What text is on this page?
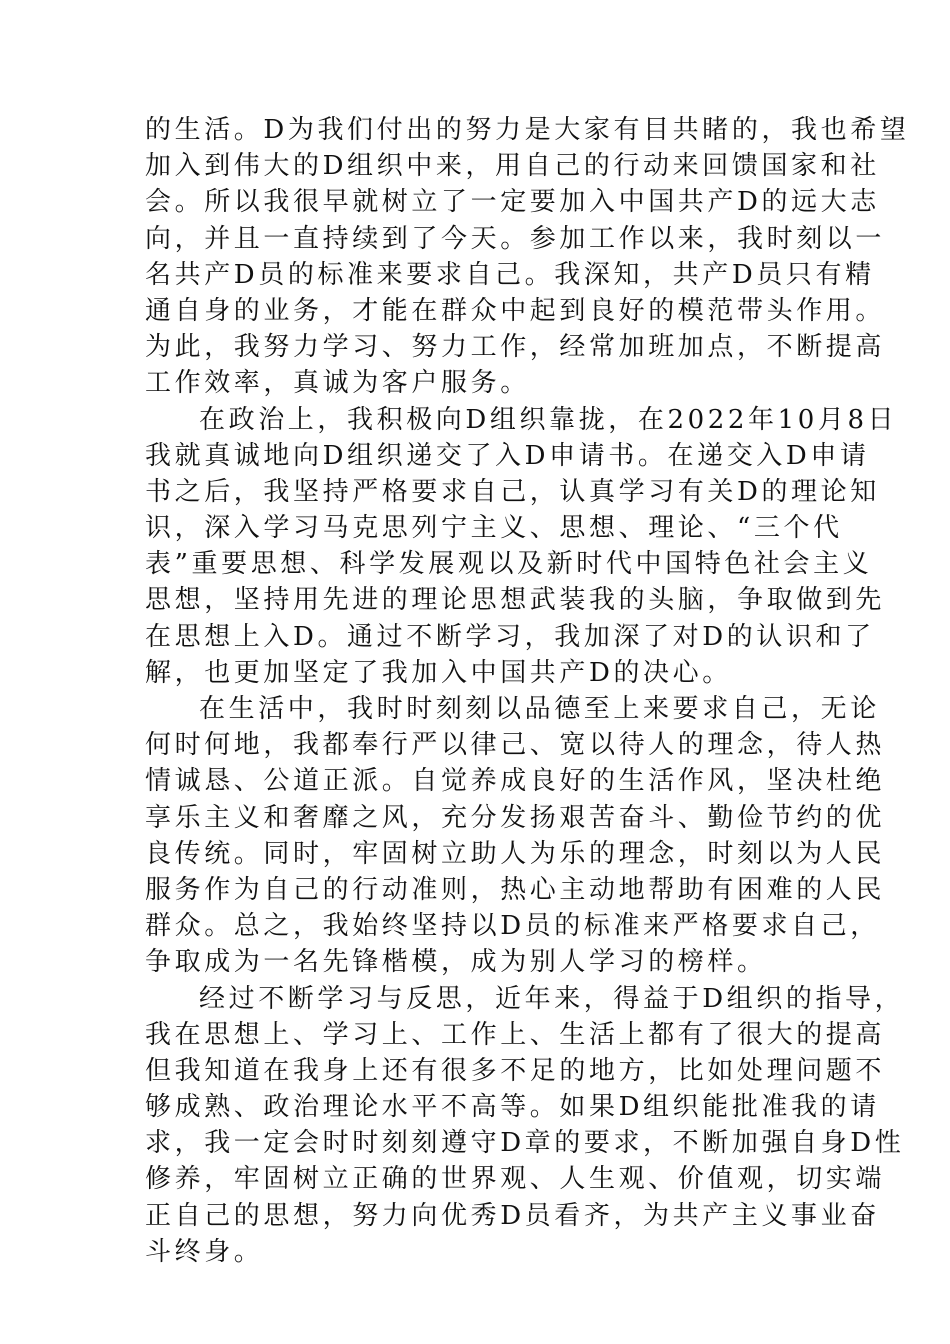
的生活。D为我们付出的努力是大家有目共睹的，我也希望
加入到伟大的D组织中来，用自己的行动来回馈国家和社
会。所以我很早就树立了一定要加入中国共产D的远大志
向，并且一直持续到了今天。参加工作以来，我时刻以一
名共产D员的标准来要求自己。我深知，共产D员只有精
通自身的业务，才能在群众中起到良好的模范带头作用。
为此，我努力学习、努力工作，经常加班加点，不断提高
工作效率，真诚为客户服务。
在政治上，我积极向D组织靠拢，在2022年10月8日
我就真诚地向D组织递交了入D申请书。在递交入D申请
书之后，我坚持严格要求自己，认真学习有关D的理论知
识，深入学习马克思列宁主义、思想、理论、“三个代
表”重要思想、科学发展观以及新时代中国特色社会主义
思想，坚持用先进的理论思想武装我的头脑，争取做到先
在思想上入D。通过不断学习，我加深了对D的认识和了
解，也更加坚定了我加入中国共产D的决心。
在生活中，我时时刻刻以品德至上来要求自己，无论
何时何地，我都奉行严以律己、宽以待人的理念，待人热
情诚恳、公道正派。自觉养成良好的生活作风，坚决杜绝
享乐主义和奢靡之风，充分发扬艰苦奋斗、勤俭节约的优
良传统。同时，牢固树立助人为乐的理念，时刻以为人民
服务作为自己的行动准则，热心主动地帮助有困难的人民
群众。总之，我始终坚持以D员的标准来严格要求自己，
争取成为一名先锋楷模，成为别人学习的榜样。
经过不断学习与反思，近年来，得益于D组织的指导，
我在思想上、学习上、工作上、生活上都有了很大的提高
但我知道在我身上还有很多不足的地方，比如处理问题不
够成熟、政治理论水平不高等。如果D组织能批准我的请
求，我一定会时时刻刻遵守D章的要求，不断加强自身D性
修养，牢固树立正确的世界观、人生观、价值观，切实端
正自己的思想，努力向优秀D员看齐，为共产主义事业奋
斗终身。
